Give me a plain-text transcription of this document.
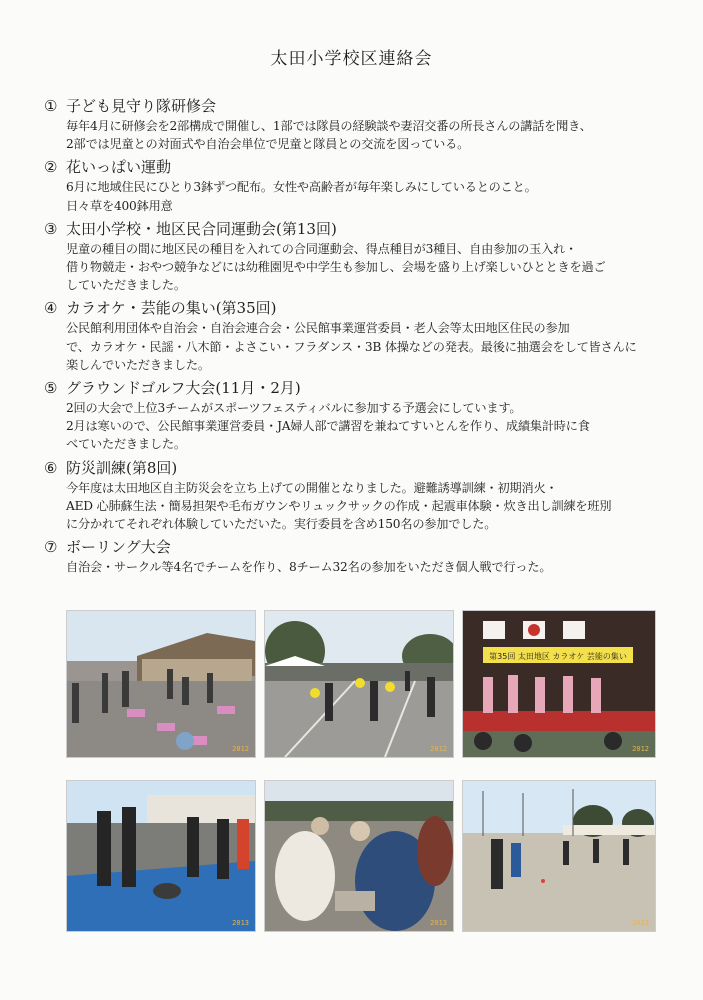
太田小学校区連絡会
① 子ども見守り隊研修会
毎年4月に研修会を2部構成で開催し、1部では隊員の経験談や妻沼交番の所長さんの講話を聞き、
2部では児童との対面式や自治会単位で児童と隊員との交流を図っている。
② 花いっぱい運動
6月に地域住民にひとり3鉢ずつ配布。女性や高齢者が毎年楽しみにしているとのこと。
日々草を400鉢用意
③ 太田小学校・地区民合同運動会(第13回)
児童の種目の間に地区民の種目を入れての合同運動会、得点種目が3種目、自由参加の玉入れ・
借り物競走・おやつ競争などには幼稚園児や中学生も参加し、会場を盛り上げ楽しいひとときを過ご
していただきました。
④ カラオケ・芸能の集い(第35回)
公民館利用団体や自治会・自治会連合会・公民館事業運営委員・老人会等太田地区住民の参加
で、カラオケ・民謡・八木節・よさこい・フラダンス・3B 体操などの発表。最後に抽選会をして皆さんに
楽しんでいただきました。
⑤ グラウンドゴルフ大会(11月・2月)
2回の大会で上位3チームがスポーツフェスティバルに参加する予選会にしています。
2月は寒いので、公民館事業運営委員・JA婦人部で講習を兼ねてすいとんを作り、成績集計時に食
べていただきました。
⑥ 防災訓練(第8回)
今年度は太田地区自主防災会を立ち上げての開催となりました。避難誘導訓練・初期消火・
AED 心肺蘇生法・簡易担架や毛布ガウンやリュックサックの作成・起震車体験・炊き出し訓練を班別
に分かれてそれぞれ体験していただいた。実行委員を含め150名の参加でした。
⑦ ボーリング大会
自治会・サークル等4名でチームを作り、8チーム32名の参加をいただき個人戦で行った。
2012	2012
第35回 太田地区 カラオケ 芸能の集い
2012
2013	2013	2013
